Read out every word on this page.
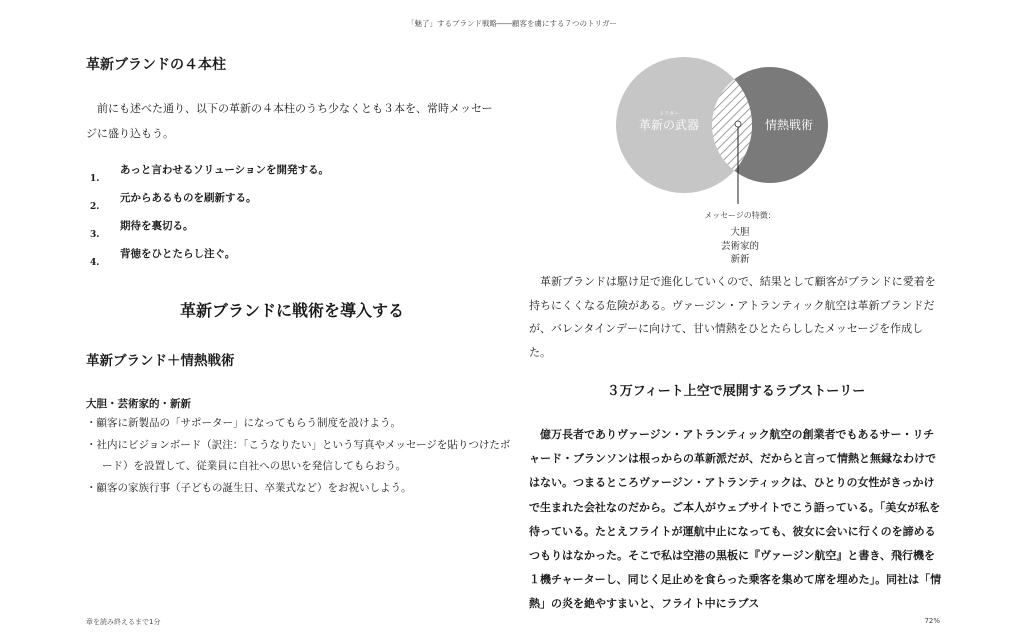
「魅了」するブランド戦略――顧客を虜にする７つのトリガー
革新ブランドの４本柱
前にも述べた通り、以下の革新の４本柱のうち少なくとも３本を、常時メッセージに盛り込もう。
1.
あっと言わせるソリューションを開発する。
2.
元からあるものを刷新する。
3.
期待を裏切る。
4.
背徳をひとたらし注ぐ。
革新ブランドに戦術を導入する
革新ブランド＋情熱戦術
大胆・芸術家的・新新
・顧客に新製品の「サポーター」になってもらう制度を設けよう。
・社内にビジョンボード（訳注：「こうなりたい」という写真やメッセージを貼りつけたボード）を設置して、従業員に自社への思いを発信してもらおう。
・顧客の家族行事（子どもの誕生日、卒業式など）をお祝いしよう。
トリガー
革新の武器	情熱戦術
メッセージの特徴：
大胆
芸術家的
新新
革新ブランドは駆け足で進化していくので、結果として顧客がブランドに愛着を持ちにくくなる危険がある。ヴァージン・アトランティック航空は革新ブランドだが、バレンタインデーに向けて、甘い情熱をひとたらししたメッセージを作成した。
３万フィート上空で展開するラブストーリー
億万長者でありヴァージン・アトランティック航空の創業者でもあるサー・リチャード・ブランソンは根っからの革新派だが、だからと言って情熱と無縁なわけではない。つまるところヴァージン・アトランティックは、ひとりの女性がきっかけで生まれた会社なのだから。ご本人がウェブサイトでこう語っている。「美女が私を待っている。たとえフライトが運航中止になっても、彼女に会いに行くのを諦めるつもりはなかった。そこで私は空港の黒板に『ヴァージン航空』と書き、飛行機を１機チャーターし、同じく足止めを食らった乗客を集めて席を埋めた」。同社は「情熱」の炎を絶やすまいと、フライト中にラブス
章を読み終えるまで1分	72%
